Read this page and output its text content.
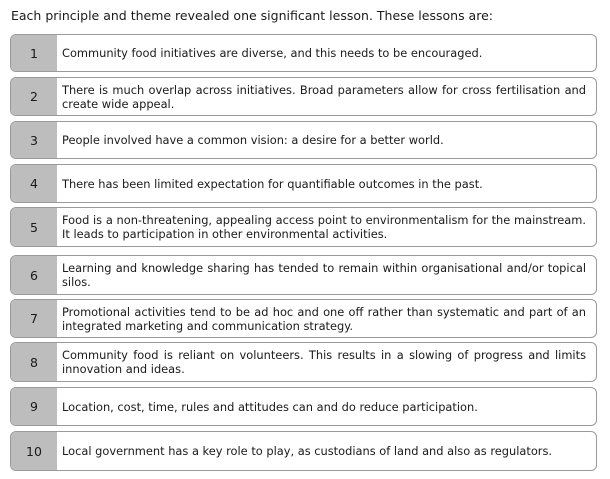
Each principle and theme revealed one significant lesson. These lessons are:
1	Community food initiatives are diverse, and this needs to be encouraged.
2	There is much overlap across initiatives. Broad parameters allow for cross fertilisation and create wide appeal.
3	People involved have a common vision: a desire for a better world.
4	There has been limited expectation for quantifiable outcomes in the past.
5	Food is a non-threatening, appealing access point to environmentalism for the mainstream. It leads to participation in other environmental activities.
6	Learning and knowledge sharing has tended to remain within organisational and/or topical silos.
7	Promotional activities tend to be ad hoc and one off rather than systematic and part of an integrated marketing and communication strategy.
8	Community food is reliant on volunteers. This results in a slowing of progress and limits innovation and ideas.
9	Location, cost, time, rules and attitudes can and do reduce participation.
10	Local government has a key role to play, as custodians of land and also as regulators.
